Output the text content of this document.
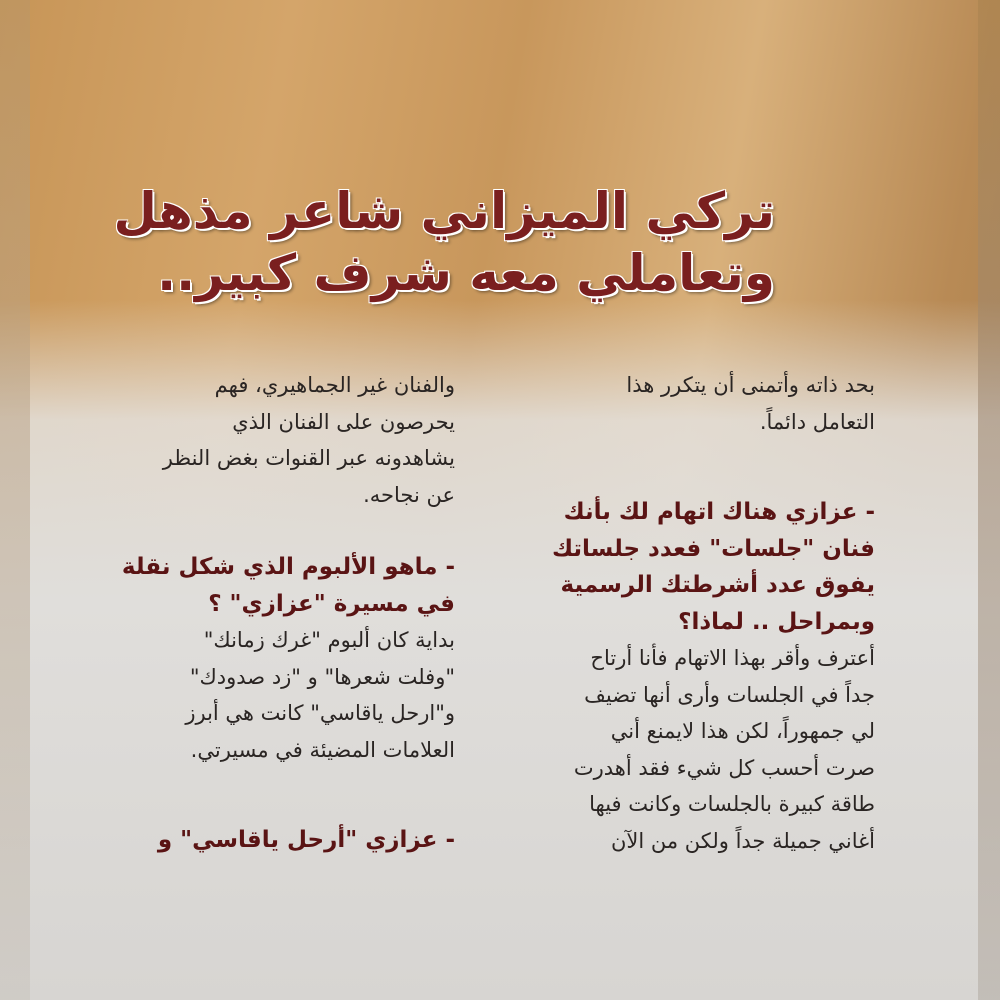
تركي الميزاني شاعر مذهل
وتعاملي معه شرف كبير..
بحد ذاته وأتمنى أن يتكرر هذا
التعامل دائماً.
- عزازي هناك اتهام لك بأنك
فنان "جلسات" فعدد جلساتك
يفوق عدد أشرطتك الرسمية
وبمراحل .. لماذا؟
أعترف وأقر بهذا الاتهام فأنا أرتاح
جداً في الجلسات وأرى أنها تضيف
لي جمهوراً، لكن هذا لايمنع أني
صرت أحسب كل شيء فقد أهدرت
طاقة كبيرة بالجلسات وكانت فيها
أغاني جميلة جداً ولكن من الآن
والفنان غير الجماهيري، فهم
يحرصون على الفنان الذي
يشاهدونه عبر القنوات بغض النظر
عن نجاحه.
- ماهو الألبوم الذي شكل نقلة
في مسيرة "عزازي" ؟
بداية كان ألبوم "غرك زمانك"
"وفلت شعرها" و "زد صدودك"
و"ارحل ياقاسي" كانت هي أبرز
العلامات المضيئة في مسيرتي.
- عزازي "أرحل ياقاسي" و
